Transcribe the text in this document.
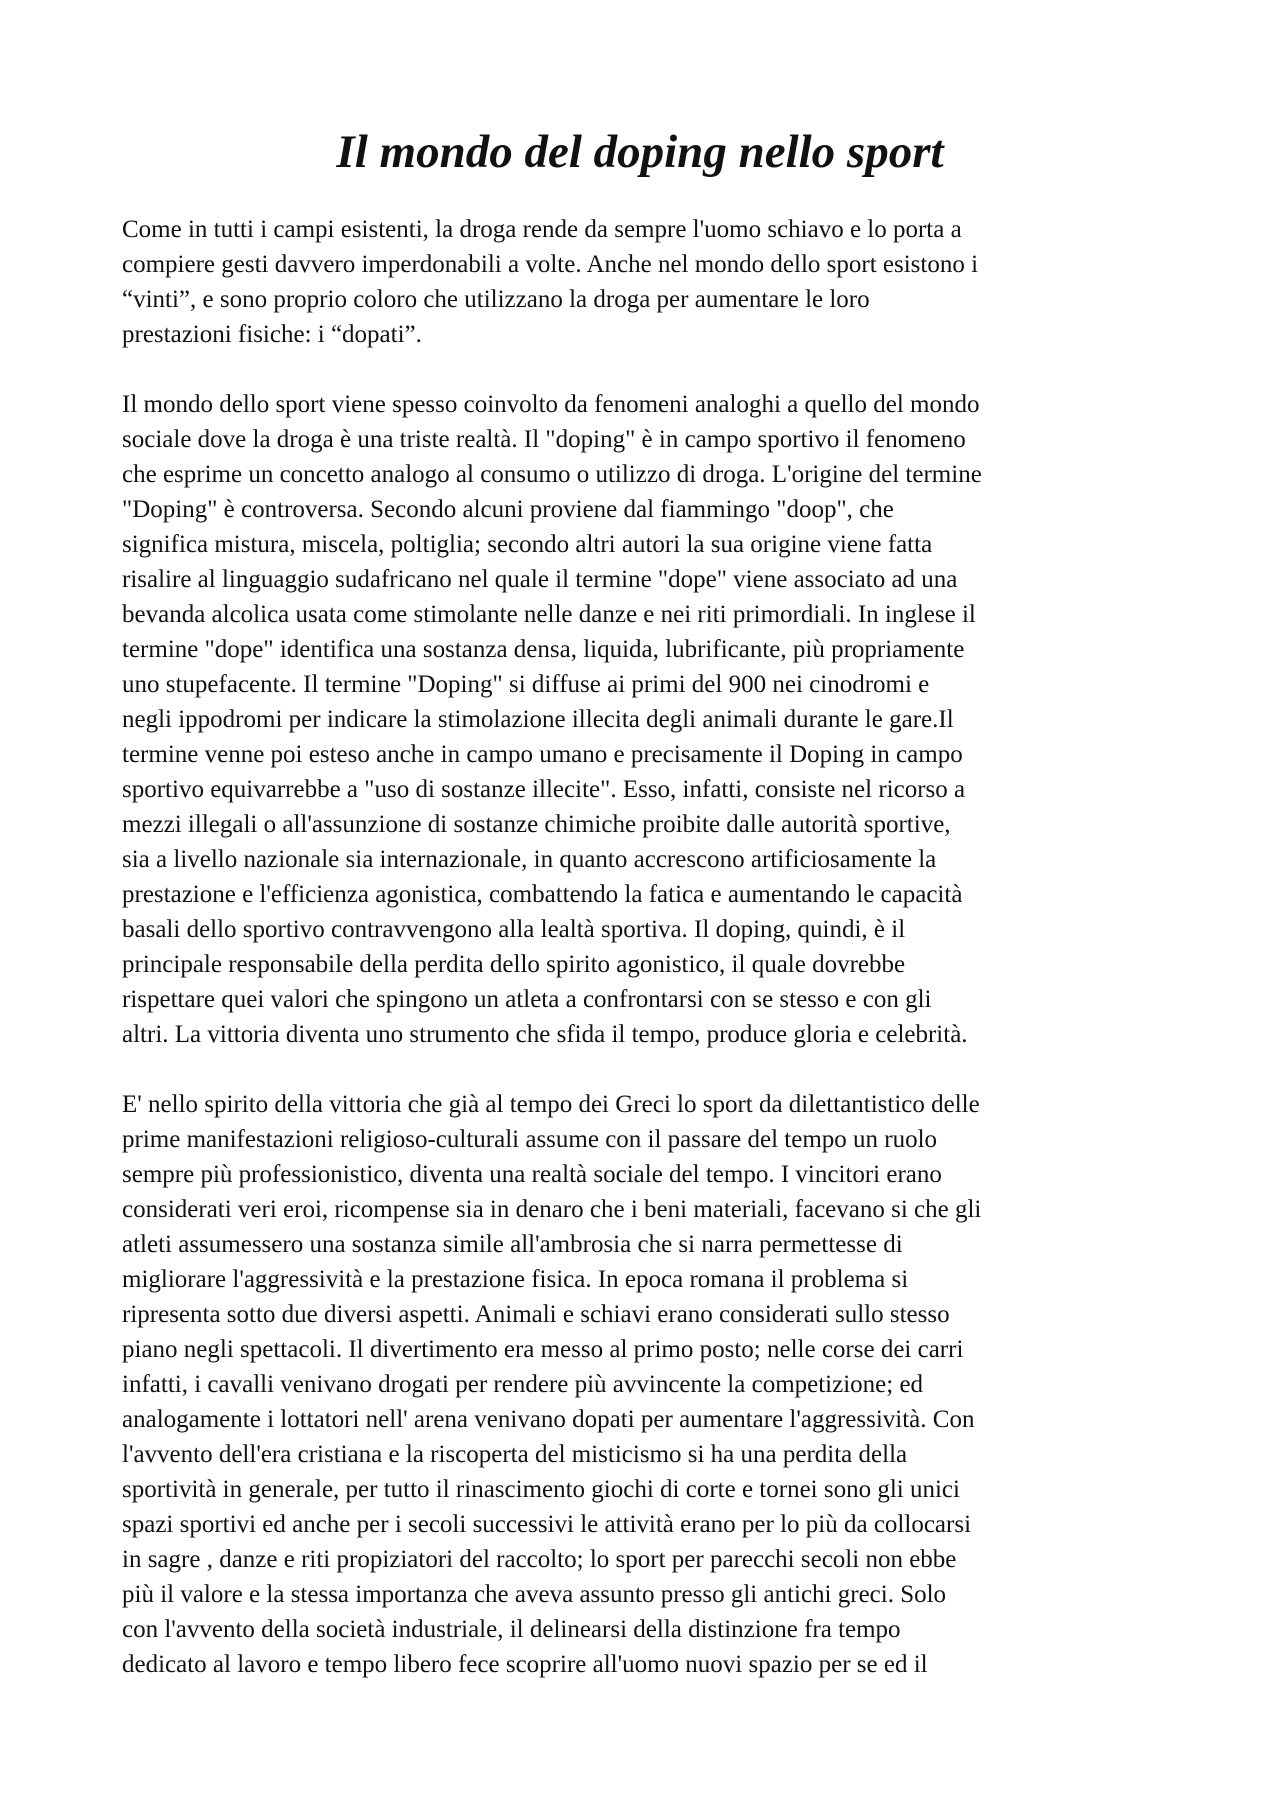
Il mondo del doping nello sport

Come in tutti i campi esistenti, la droga rende da sempre l'uomo schiavo e lo porta a
compiere gesti davvero imperdonabili a volte. Anche nel mondo dello sport esistono i
“vinti”, e sono proprio coloro che utilizzano la droga per aumentare le loro
prestazioni fisiche: i “dopati”.

Il mondo dello sport viene spesso coinvolto da fenomeni analoghi a quello del mondo
sociale dove la droga è una triste realtà. Il "doping" è in campo sportivo il fenomeno
che esprime un concetto analogo al consumo o utilizzo di droga. L'origine del termine
"Doping" è controversa. Secondo alcuni proviene dal fiammingo "doop", che
significa mistura, miscela, poltiglia; secondo altri autori la sua origine viene fatta
risalire al linguaggio sudafricano nel quale il termine "dope" viene associato ad una
bevanda alcolica usata come stimolante nelle danze e nei riti primordiali. In inglese il
termine "dope" identifica una sostanza densa, liquida, lubrificante, più propriamente
uno stupefacente. Il termine "Doping" si diffuse ai primi del 900 nei cinodromi e
negli ippodromi per indicare la stimolazione illecita degli animali durante le gare.Il
termine venne poi esteso anche in campo umano e precisamente il Doping in campo
sportivo equivarrebbe a "uso di sostanze illecite". Esso, infatti, consiste nel ricorso a
mezzi illegali o all'assunzione di sostanze chimiche proibite dalle autorità sportive,
sia a livello nazionale sia internazionale, in quanto accrescono artificiosamente la
prestazione e l'efficienza agonistica, combattendo la fatica e aumentando le capacità
basali dello sportivo contravvengono alla lealtà sportiva. Il doping, quindi, è il
principale responsabile della perdita dello spirito agonistico, il quale dovrebbe
rispettare quei valori che spingono un atleta a confrontarsi con se stesso e con gli
altri. La vittoria diventa uno strumento che sfida il tempo, produce gloria e celebrità.

E' nello spirito della vittoria che già al tempo dei Greci lo sport da dilettantistico delle
prime manifestazioni religioso-culturali assume con il passare del tempo un ruolo
sempre più professionistico, diventa una realtà sociale del tempo. I vincitori erano
considerati veri eroi, ricompense sia in denaro che i beni materiali, facevano si che gli
atleti assumessero una sostanza simile all'ambrosia che si narra permettesse di
migliorare l'aggressività e la prestazione fisica. In epoca romana il problema si
ripresenta sotto due diversi aspetti. Animali e schiavi erano considerati sullo stesso
piano negli spettacoli. Il divertimento era messo al primo posto; nelle corse dei carri
infatti, i cavalli venivano drogati per rendere più avvincente la competizione; ed
analogamente i lottatori nell' arena venivano dopati per aumentare l'aggressività. Con
l'avvento dell'era cristiana e la riscoperta del misticismo si ha una perdita della
sportività in generale, per tutto il rinascimento giochi di corte e tornei sono gli unici
spazi sportivi ed anche per i secoli successivi le attività erano per lo più da collocarsi
in sagre , danze e riti propiziatori del raccolto; lo sport per parecchi secoli non ebbe
più il valore e la stessa importanza che aveva assunto presso gli antichi greci. Solo
con l'avvento della società industriale, il delinearsi della distinzione fra tempo
dedicato al lavoro e tempo libero fece scoprire all'uomo nuovi spazio per se ed il
